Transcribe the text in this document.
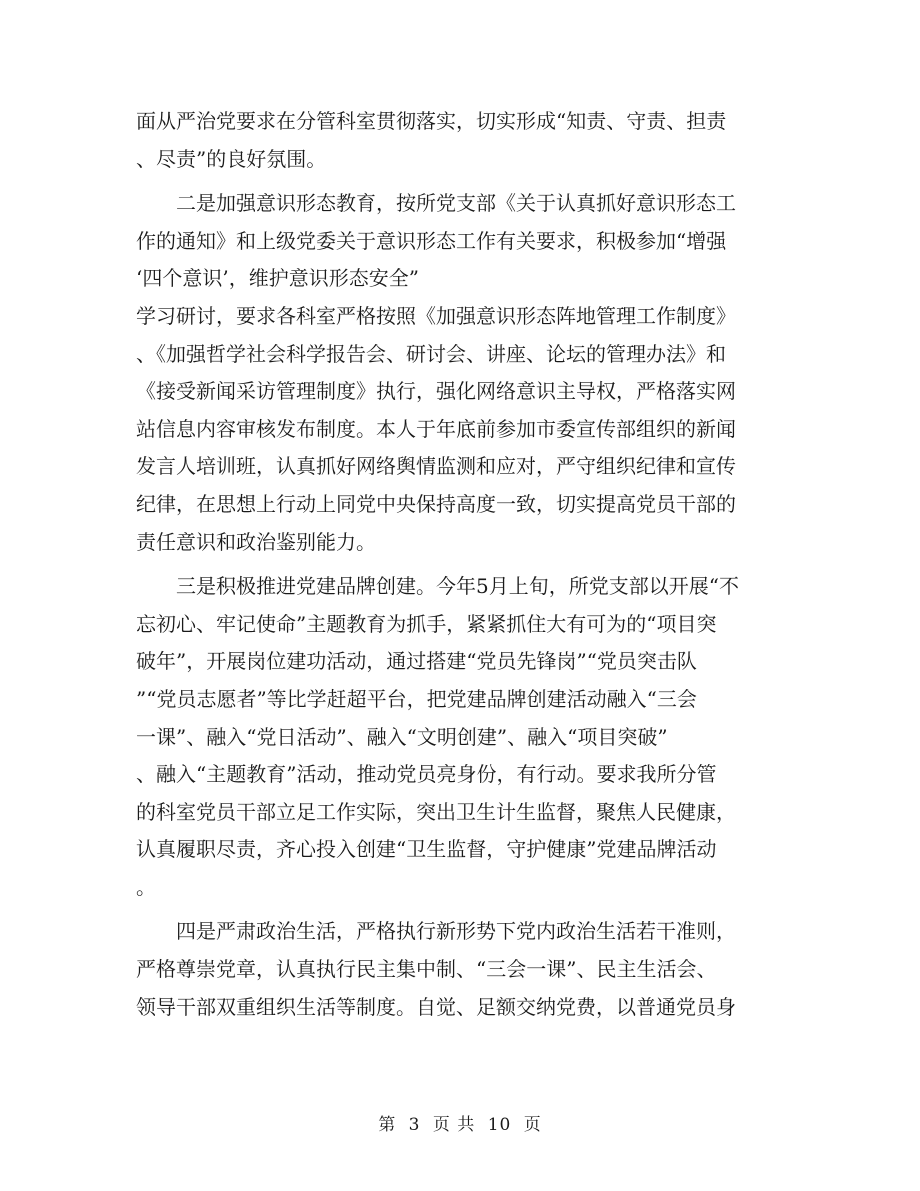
面从严治党要求在分管科室贯彻落实，切实形成“知责、守责、担责
、尽责”的良好氛围。
二是加强意识形态教育，按所党支部《关于认真抓好意识形态工
作的通知》和上级党委关于意识形态工作有关要求，积极参加“增强
‘四个意识’，维护意识形态安全”
学习研讨，要求各科室严格按照《加强意识形态阵地管理工作制度》
、《加强哲学社会科学报告会、研讨会、讲座、论坛的管理办法》和
《接受新闻采访管理制度》执行，强化网络意识主导权，严格落实网
站信息内容审核发布制度。本人于年底前参加市委宣传部组织的新闻
发言人培训班，认真抓好网络舆情监测和应对，严守组织纪律和宣传
纪律，在思想上行动上同党中央保持高度一致，切实提高党员干部的
责任意识和政治鉴别能力。
三是积极推进党建品牌创建。今年5月上旬，所党支部以开展“不
忘初心、牢记使命”主题教育为抓手，紧紧抓住大有可为的“项目突
破年”，开展岗位建功活动，通过搭建“党员先锋岗”“党员突击队
”“党员志愿者”等比学赶超平台，把党建品牌创建活动融入“三会
一课”、融入“党日活动”、融入“文明创建”、融入“项目突破”
、融入“主题教育”活动，推动党员亮身份，有行动。要求我所分管
的科室党员干部立足工作实际，突出卫生计生监督，聚焦人民健康，
认真履职尽责，齐心投入创建“卫生监督，守护健康”党建品牌活动
。
四是严肃政治生活，严格执行新形势下党内政治生活若干准则，
严格尊崇党章，认真执行民主集中制、“三会一课”、民主生活会、
领导干部双重组织生活等制度。自觉、足额交纳党费，以普通党员身
第 3 页 共 10 页
